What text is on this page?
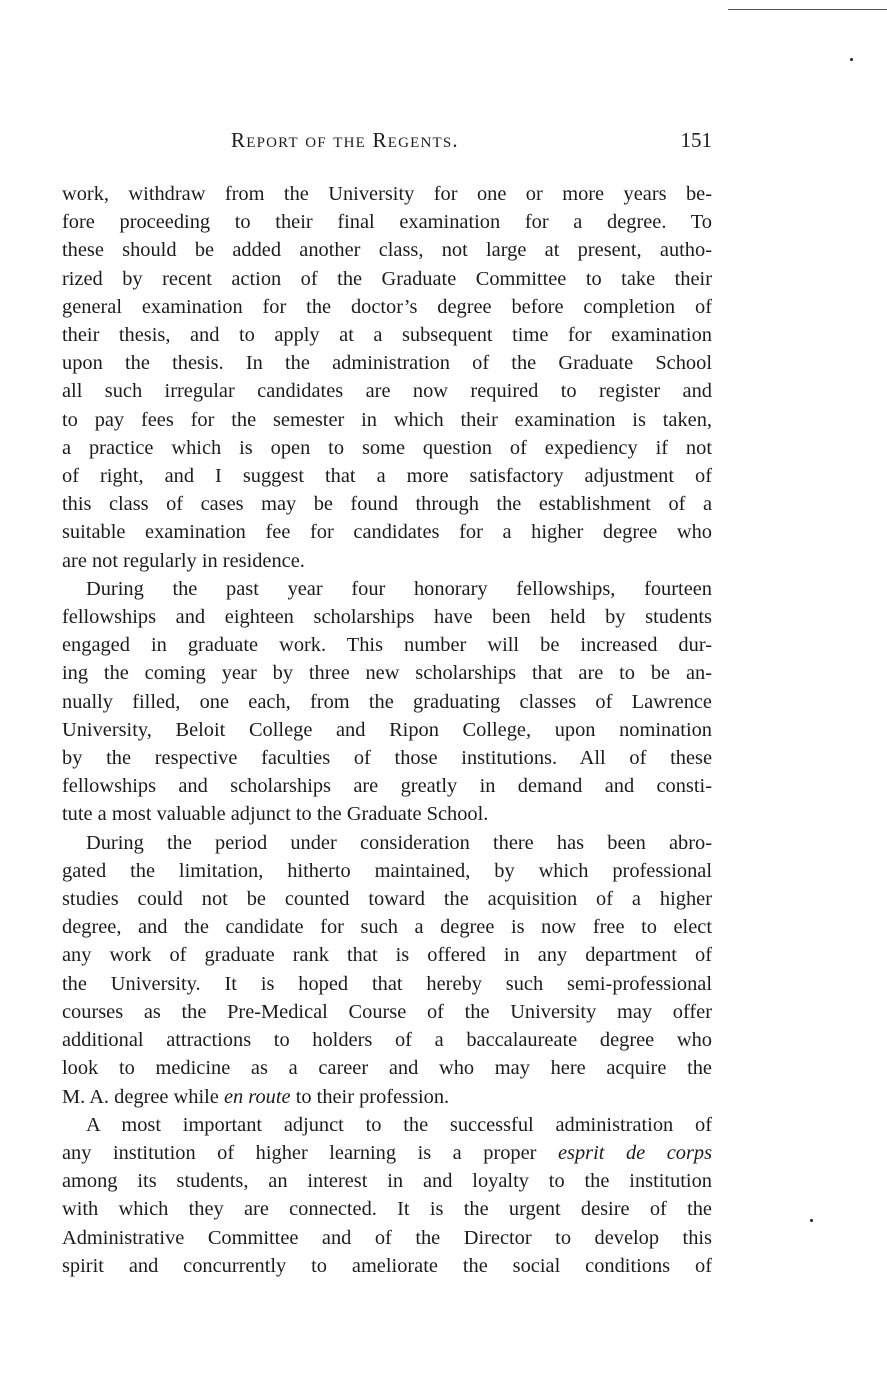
Report of the Regents.	151

work, withdraw from the University for one or more years be-
fore proceeding to their final examination for a degree. To
these should be added another class, not large at present, autho-
rized by recent action of the Graduate Committee to take their
general examination for the doctor’s degree before completion of
their thesis, and to apply at a subsequent time for examination
upon the thesis. In the administration of the Graduate School
all such irregular candidates are now required to register and
to pay fees for the semester in which their examination is taken,
a practice which is open to some question of expediency if not
of right, and I suggest that a more satisfactory adjustment of
this class of cases may be found through the establishment of a
suitable examination fee for candidates for a higher degree who
are not regularly in residence.

During the past year four honorary fellowships, fourteen
fellowships and eighteen scholarships have been held by students
engaged in graduate work. This number will be increased dur-
ing the coming year by three new scholarships that are to be an-
nually filled, one each, from the graduating classes of Lawrence
University, Beloit College and Ripon College, upon nomination
by the respective faculties of those institutions. All of these
fellowships and scholarships are greatly in demand and consti-
tute a most valuable adjunct to the Graduate School.

During the period under consideration there has been abro-
gated the limitation, hitherto maintained, by which professional
studies could not be counted toward the acquisition of a higher
degree, and the candidate for such a degree is now free to elect
any work of graduate rank that is offered in any department of
the University. It is hoped that hereby such semi-professional
courses as the Pre-Medical Course of the University may offer
additional attractions to holders of a baccalaureate degree who
look to medicine as a career and who may here acquire the
M. A. degree while en route to their profession.

A most important adjunct to the successful administration of
any institution of higher learning is a proper esprit de corps
among its students, an interest in and loyalty to the institution
with which they are connected. It is the urgent desire of the
Administrative Committee and of the Director to develop this
spirit and concurrently to ameliorate the social conditions of
